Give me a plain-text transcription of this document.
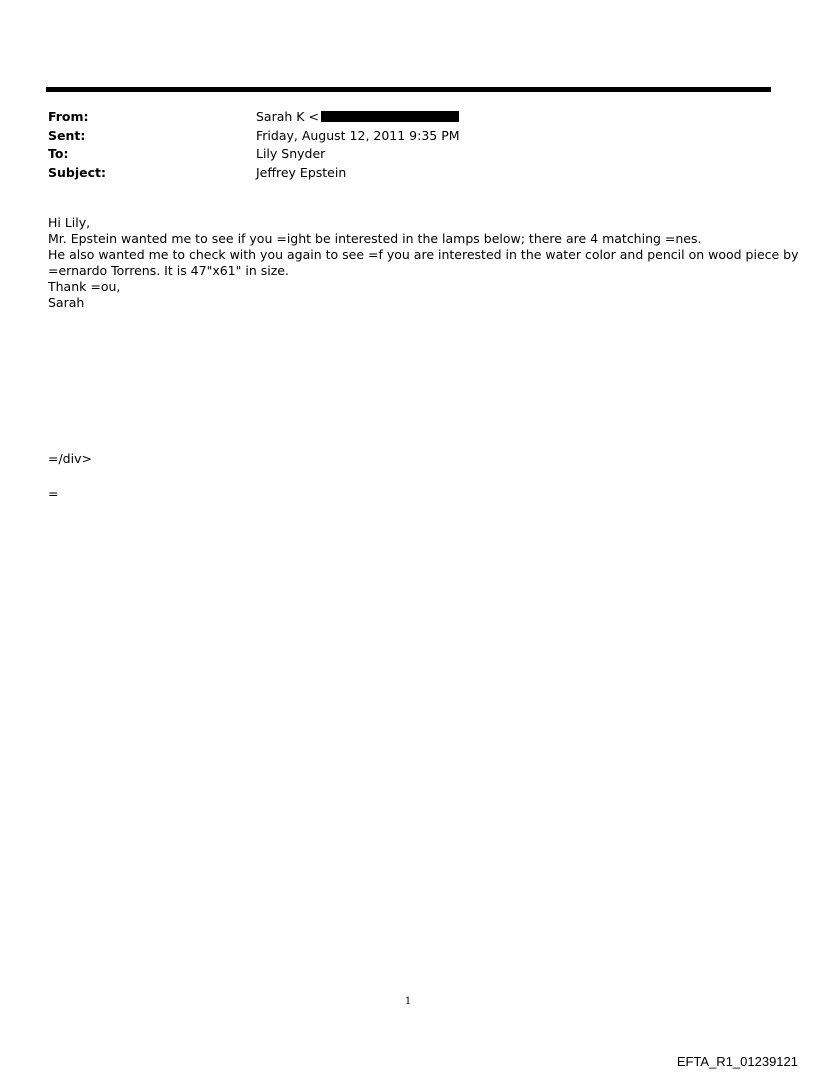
From:	Sarah K <
Sent:	Friday, August 12, 2011 9:35 PM
To:	Lily Snyder
Subject:	Jeffrey Epstein
Hi Lily,
Mr. Epstein wanted me to see if you =ight be interested in the lamps below; there are 4 matching =nes.
He also wanted me to check with you again to see =f you are interested in the water color and pencil on wood piece by
=ernardo Torrens. It is 47"x61" in size.
Thank =ou,
Sarah
=/div>
=
1
EFTA_R1_01239121
